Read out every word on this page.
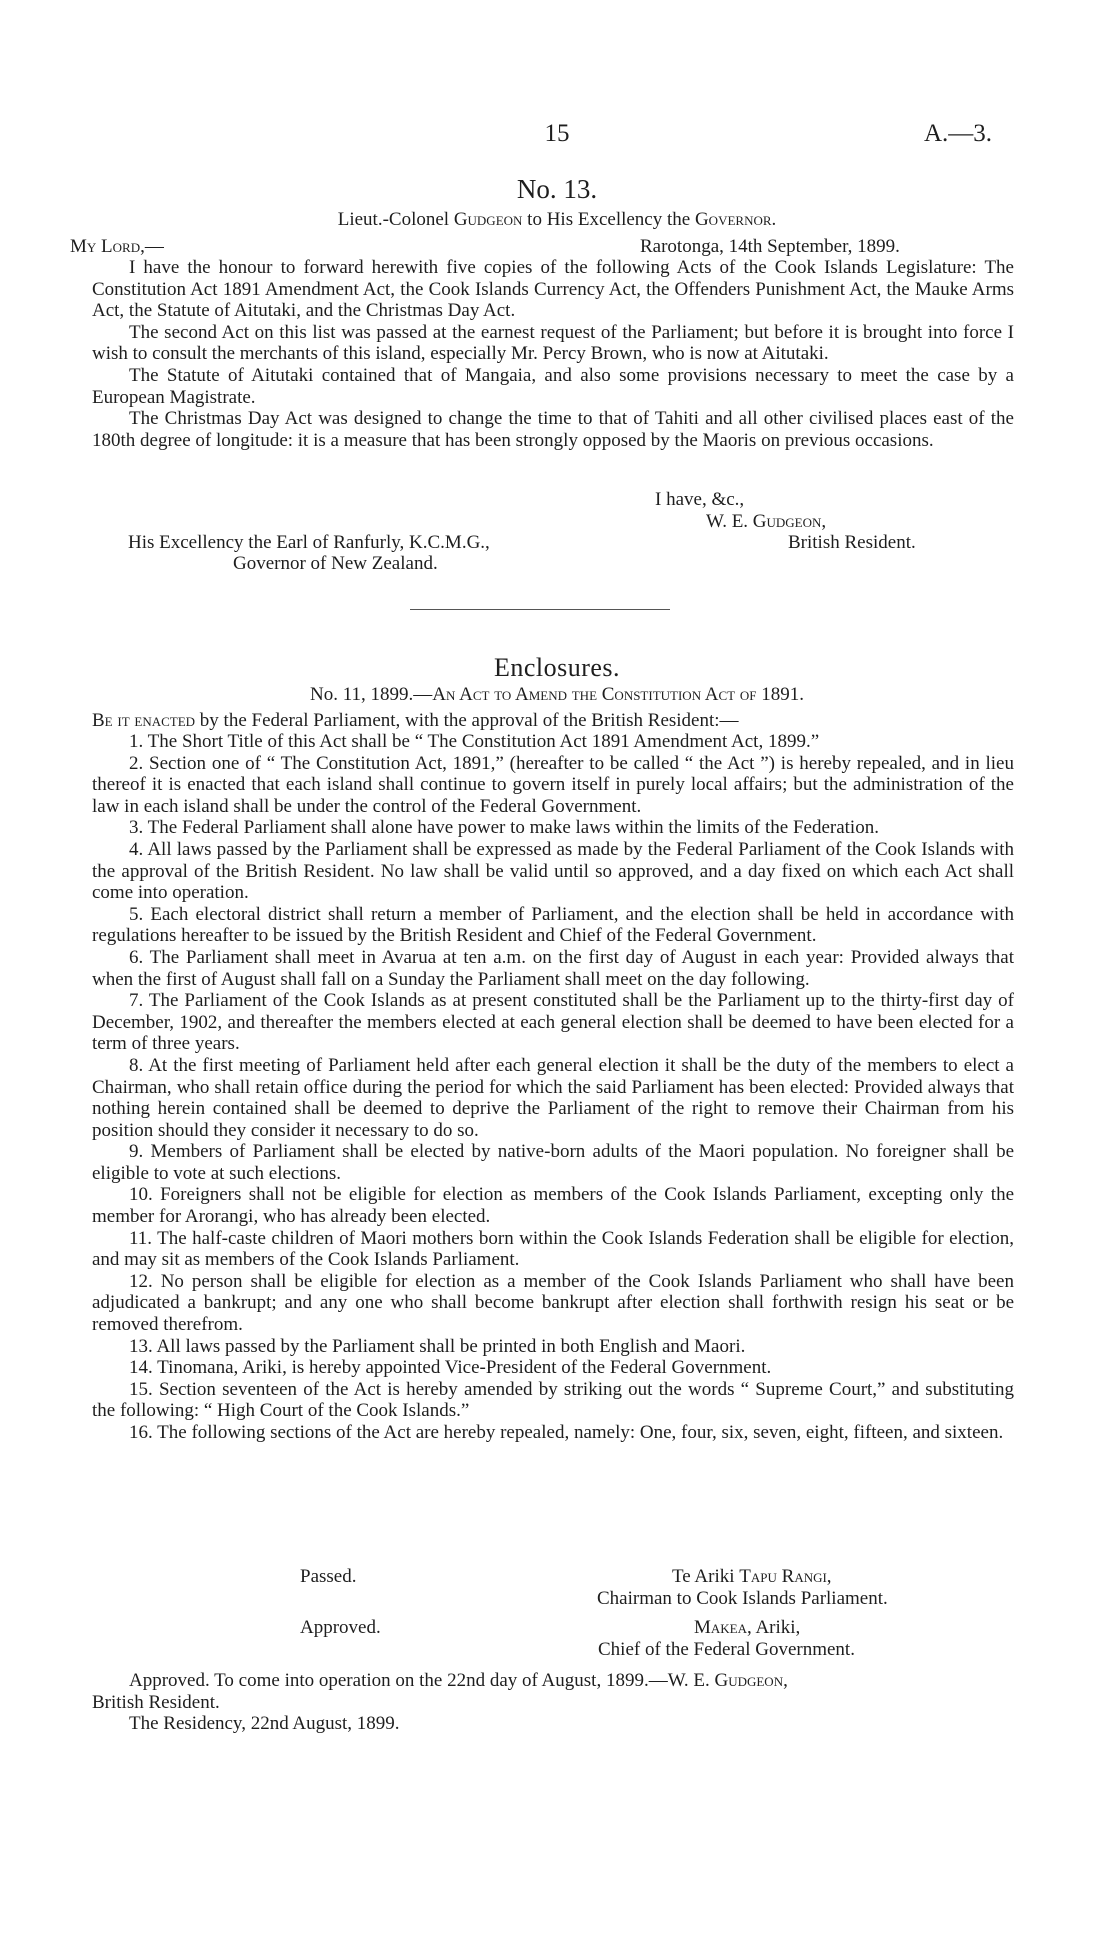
15	A.—3.
No. 13.
Lieut.-Colonel Gudgeon to His Excellency the Governor.
My Lord,—	Rarotonga, 14th September, 1899.

I have the honour to forward herewith five copies of the following Acts of the Cook Islands Legislature: The Constitution Act 1891 Amendment Act, the Cook Islands Currency Act, the Offenders Punishment Act, the Mauke Arms Act, the Statute of Aitutaki, and the Christmas Day Act.

The second Act on this list was passed at the earnest request of the Parliament; but before it is brought into force I wish to consult the merchants of this island, especially Mr. Percy Brown, who is now at Aitutaki.

The Statute of Aitutaki contained that of Mangaia, and also some provisions necessary to meet the case by a European Magistrate.

The Christmas Day Act was designed to change the time to that of Tahiti and all other civilised places east of the 180th degree of longitude: it is a measure that has been strongly opposed by the Maoris on previous occasions.

I have, &c.,
W. E. Gudgeon,
British Resident.
His Excellency the Earl of Ranfurly, K.C.M.G.,
Governor of New Zealand.
Enclosures.
No. 11, 1899.—An Act to Amend the Constitution Act of 1891.
Be it enacted by the Federal Parliament, with the approval of the British Resident:—

1. The Short Title of this Act shall be “ The Constitution Act 1891 Amendment Act, 1899.”

2. Section one of “ The Constitution Act, 1891,” (hereafter to be called “ the Act ”) is hereby repealed, and in lieu thereof it is enacted that each island shall continue to govern itself in purely local affairs; but the administration of the law in each island shall be under the control of the Federal Government.

3. The Federal Parliament shall alone have power to make laws within the limits of the Federation.

4. All laws passed by the Parliament shall be expressed as made by the Federal Parliament of the Cook Islands with the approval of the British Resident. No law shall be valid until so approved, and a day fixed on which each Act shall come into operation.

5. Each electoral district shall return a member of Parliament, and the election shall be held in accordance with regulations hereafter to be issued by the British Resident and Chief of the Federal Government.

6. The Parliament shall meet in Avarua at ten a.m. on the first day of August in each year: Provided always that when the first of August shall fall on a Sunday the Parliament shall meet on the day following.

7. The Parliament of the Cook Islands as at present constituted shall be the Parliament up to the thirty-first day of December, 1902, and thereafter the members elected at each general election shall be deemed to have been elected for a term of three years.

8. At the first meeting of Parliament held after each general election it shall be the duty of the members to elect a Chairman, who shall retain office during the period for which the said Parliament has been elected: Provided always that nothing herein contained shall be deemed to deprive the Parliament of the right to remove their Chairman from his position should they consider it necessary to do so.

9. Members of Parliament shall be elected by native-born adults of the Maori population. No foreigner shall be eligible to vote at such elections.

10. Foreigners shall not be eligible for election as members of the Cook Islands Parliament, excepting only the member for Arorangi, who has already been elected.

11. The half-caste children of Maori mothers born within the Cook Islands Federation shall be eligible for election, and may sit as members of the Cook Islands Parliament.

12. No person shall be eligible for election as a member of the Cook Islands Parliament who shall have been adjudicated a bankrupt; and any one who shall become bankrupt after election shall forthwith resign his seat or be removed therefrom.

13. All laws passed by the Parliament shall be printed in both English and Maori.

14. Tinomana, Ariki, is hereby appointed Vice-President of the Federal Government.

15. Section seventeen of the Act is hereby amended by striking out the words “ Supreme Court,” and substituting the following: “ High Court of the Cook Islands.”

16. The following sections of the Act are hereby repealed, namely: One, four, six, seven, eight, fifteen, and sixteen.

Passed.	Te Ariki Tapu Rangi,
Chairman to Cook Islands Parliament.
Approved.	Makea, Ariki,
Chief of the Federal Government.
Approved. To come into operation on the 22nd day of August, 1899.—W. E. Gudgeon,
British Resident.
The Residency, 22nd August, 1899.
